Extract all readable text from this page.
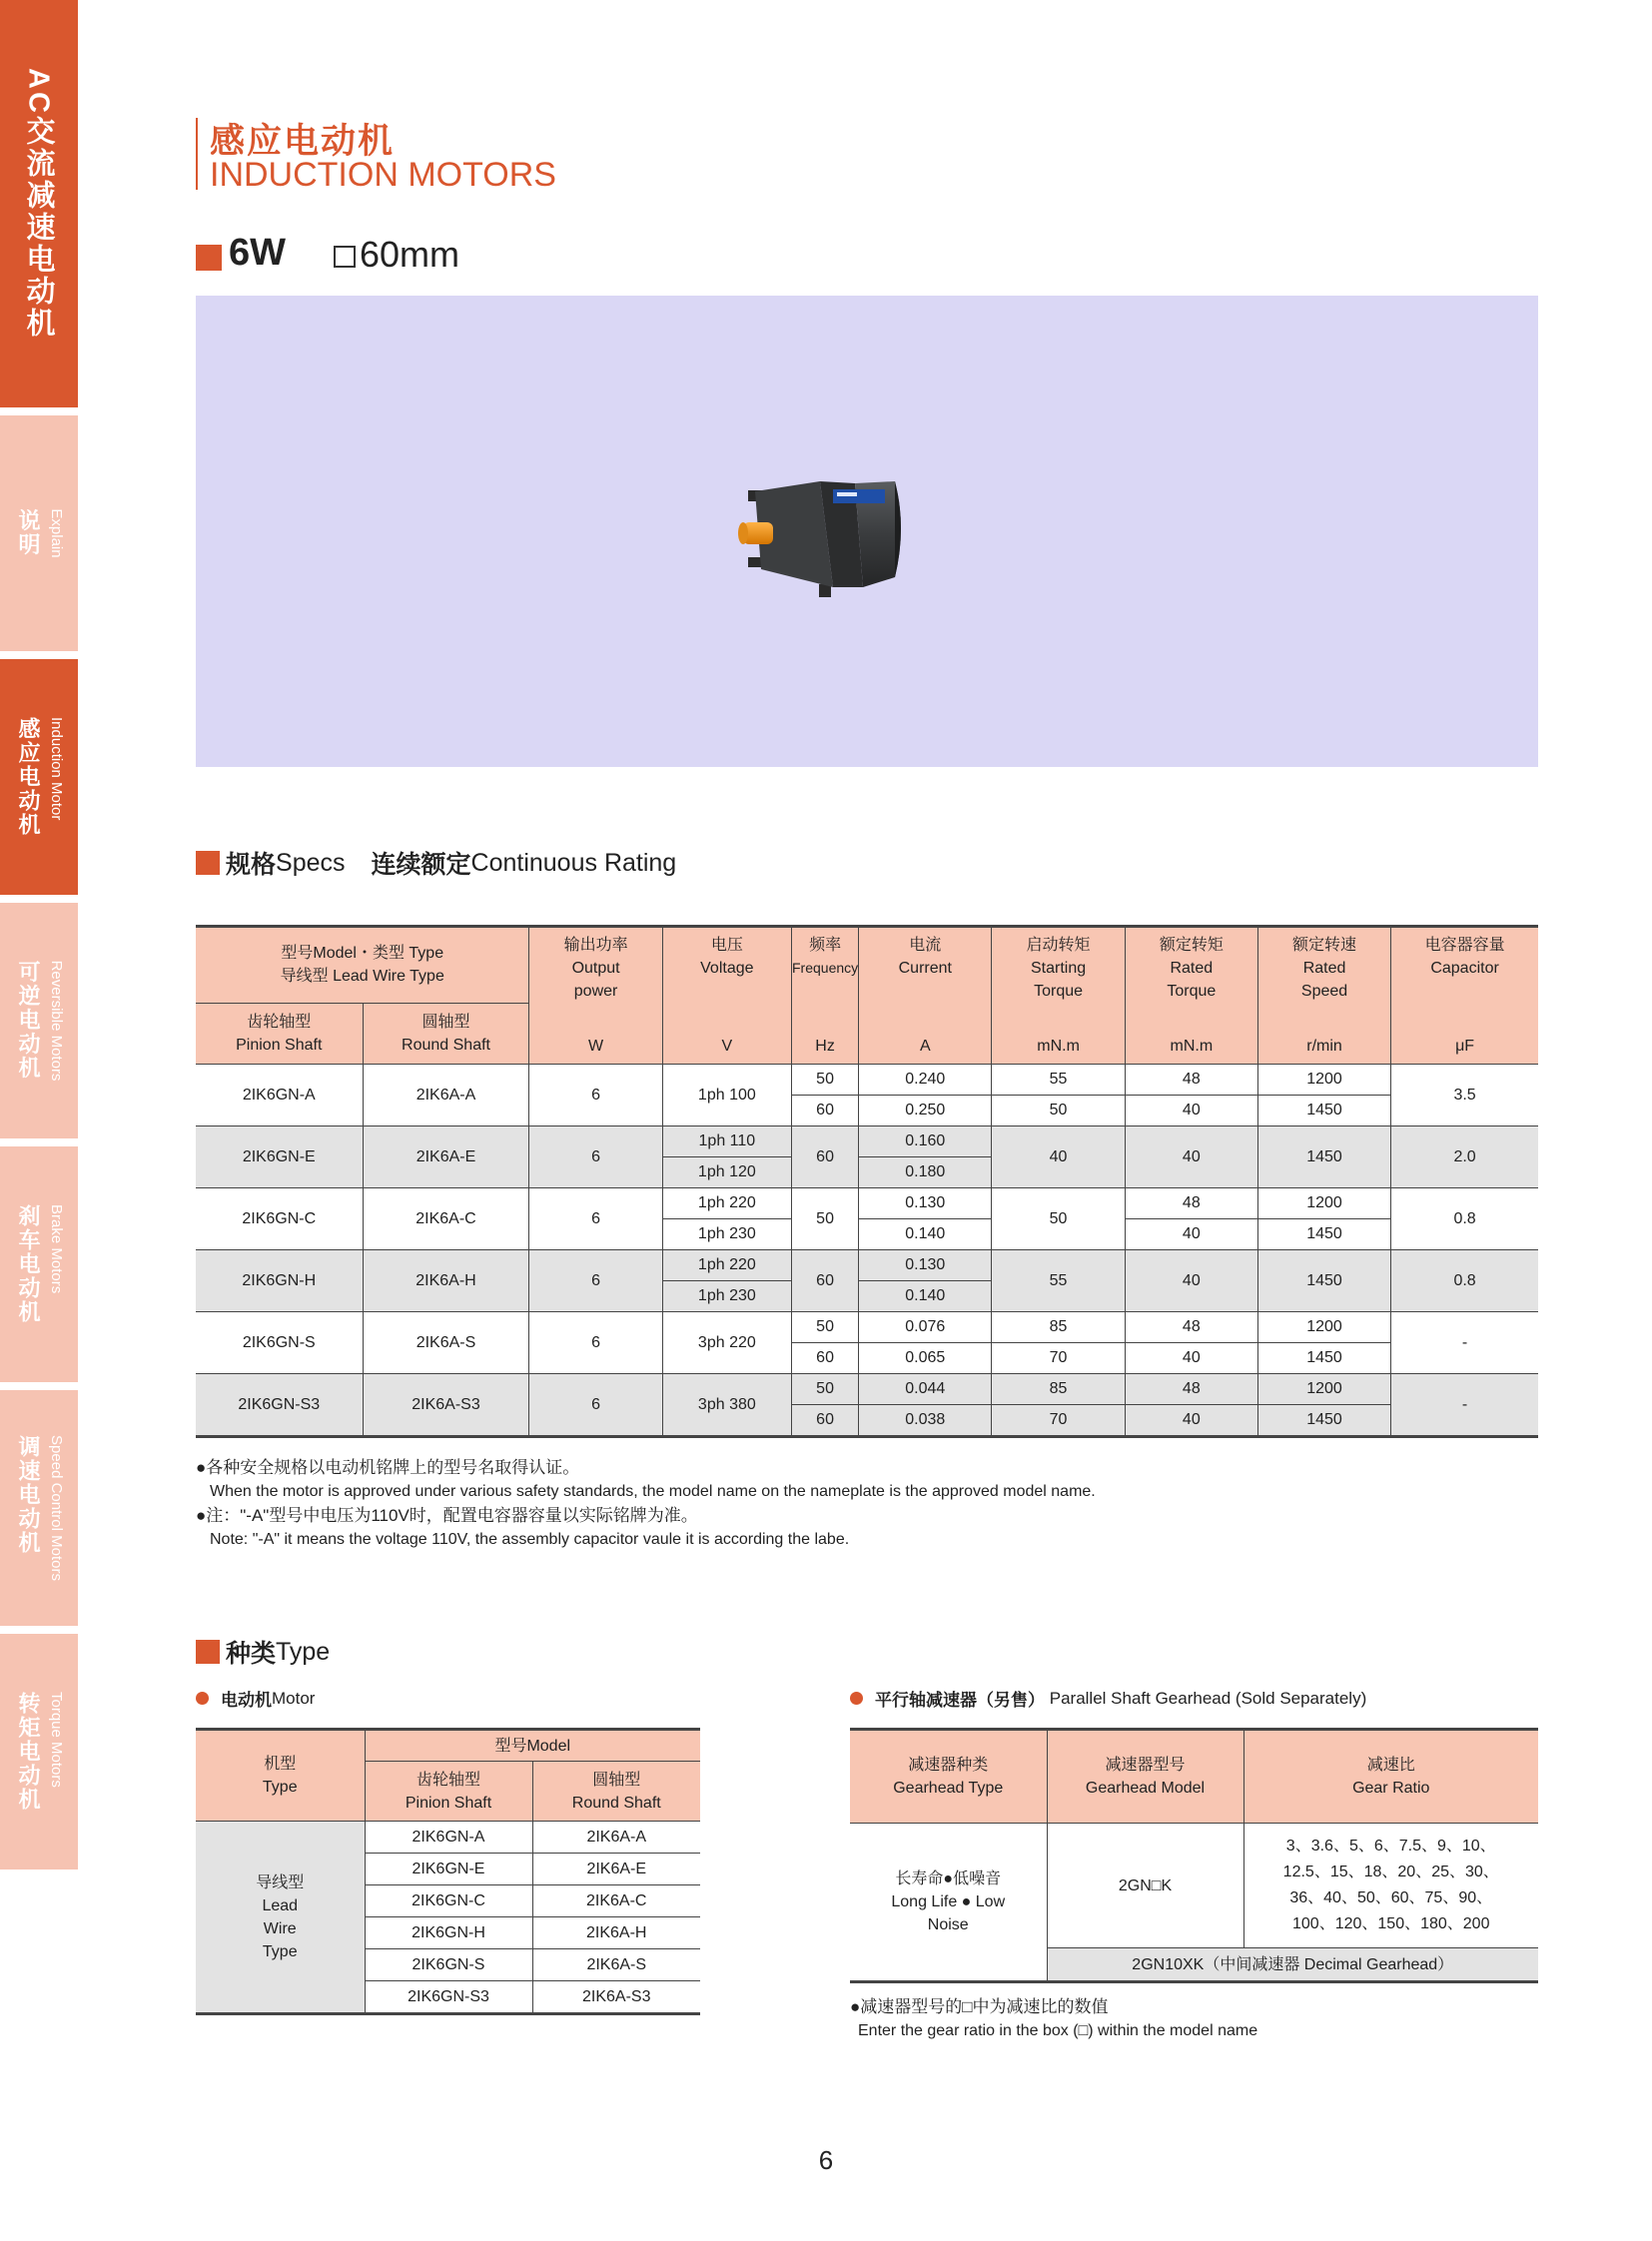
AC交流减速电动机
说明 Explain
感应电动机 Induction Motor
可逆电动机 Reversible Motors
刹车电动机 Brake Motors
调速电动机 Speed Control Motors
转矩电动机 Torque Motors
感应电动机
INDUCTION MOTORS
6W 60mm
规格 Specs 连续额定 Continuous Rating
型号Model・类型 Type
导线型 Lead Wire Type		输出功率
Output
power	电压
Voltage	频率
Frequency	电流
Current	启动转矩
Starting
Torque	额定转矩
Rated
Torque	额定转速
Rated
Speed	电容器容量
Capacitor
齿轮轴型
Pinion Shaft	圆轴型
Round Shaft	W	V	Hz	A	mN.m	mN.m	r/min	μF
2IK6GN-A	2IK6A-A	6	1ph 100	50	0.240	55	48	1200	3.5
				60	0.250	50	40	1450	
2IK6GN-E	2IK6A-E	6	1ph 110	60	0.160	40	40	1450	2.0
			1ph 120		0.180				
2IK6GN-C	2IK6A-C	6	1ph 220	50	0.130	50	48	1200	0.8
			1ph 230		0.140		40	1450	
2IK6GN-H	2IK6A-H	6	1ph 220	60	0.130	55	40	1450	0.8
			1ph 230		0.140				
2IK6GN-S	2IK6A-S	6	3ph 220	50	0.076	85	48	1200	-
				60	0.065	70	40	1450	
2IK6GN-S3	2IK6A-S3	6	3ph 380	50	0.044	85	48	1200	-
				60	0.038	70	40	1450	
●各种安全规格以电动机铭牌上的型号名取得认证。
When the motor is approved under various safety standards, the model name on the nameplate is the approved model name.
●注："-A"型号中电压为110V时，配置电容器容量以实际铭牌为准。
Note: "-A" it means the voltage 110V, the assembly capacitor vaule it is according the labe.
种类 Type
电动机 Motor	平行轴减速器（另售）
Parallel Shaft Gearhead (Sold Separately)
机型
Type	型号Model	
	齿轮轴型
Pinion Shaft	圆轴型
Round Shaft
导线型
Lead
Wire
Type	2IK6GN-A	2IK6A-A
	2IK6GN-E	2IK6A-E
	2IK6GN-C	2IK6A-C
	2IK6GN-H	2IK6A-H
	2IK6GN-S	2IK6A-S
	2IK6GN-S3	2IK6A-S3
减速器种类
Gearhead Type	减速器型号
Gearhead Model	减速比
Gear Ratio
长寿命●低噪音
Long Life ● Low
Noise	2GN□K	3、3.6、5、6、7.5、9、10、
12.5、15、18、20、25、30、
36、40、50、60、75、90、
100、120、150、180、200
	2GN10XK（中间减速器 Decimal Gearhead）	
●减速器型号的□中为减速比的数值
Enter the gear ratio in the box (□) within the model name
6
